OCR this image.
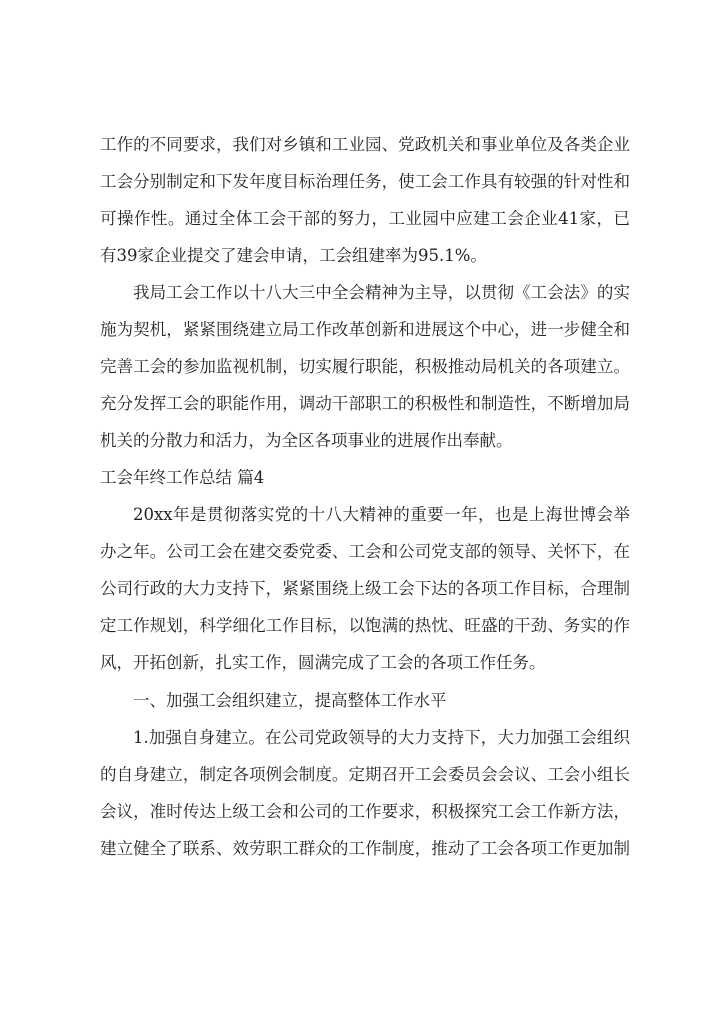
工作的不同要求，我们对乡镇和工业园、党政机关和事业单位及各类企业
工会分别制定和下发年度目标治理任务，使工会工作具有较强的针对性和
可操作性。通过全体工会干部的努力，工业园中应建工会企业41家，已
有39家企业提交了建会申请，工会组建率为95.1%。
我局工会工作以十八大三中全会精神为主导，以贯彻《工会法》的实
施为契机，紧紧围绕建立局工作改革创新和进展这个中心，进一步健全和
完善工会的参加监视机制，切实履行职能，积极推动局机关的各项建立。
充分发挥工会的职能作用，调动干部职工的积极性和制造性，不断增加局
机关的分散力和活力，为全区各项事业的进展作出奉献。
工会年终工作总结 篇4
20xx年是贯彻落实党的十八大精神的重要一年，也是上海世博会举
办之年。公司工会在建交委党委、工会和公司党支部的领导、关怀下，在
公司行政的大力支持下，紧紧围绕上级工会下达的各项工作目标，合理制
定工作规划，科学细化工作目标，以饱满的热忱、旺盛的干劲、务实的作
风，开拓创新，扎实工作，圆满完成了工会的各项工作任务。
一、加强工会组织建立，提高整体工作水平
1.加强自身建立。在公司党政领导的大力支持下，大力加强工会组织
的自身建立，制定各项例会制度。定期召开工会委员会会议、工会小组长
会议，准时传达上级工会和公司的工作要求，积极探究工会工作新方法，
建立健全了联系、效劳职工群众的工作制度，推动了工会各项工作更加制
